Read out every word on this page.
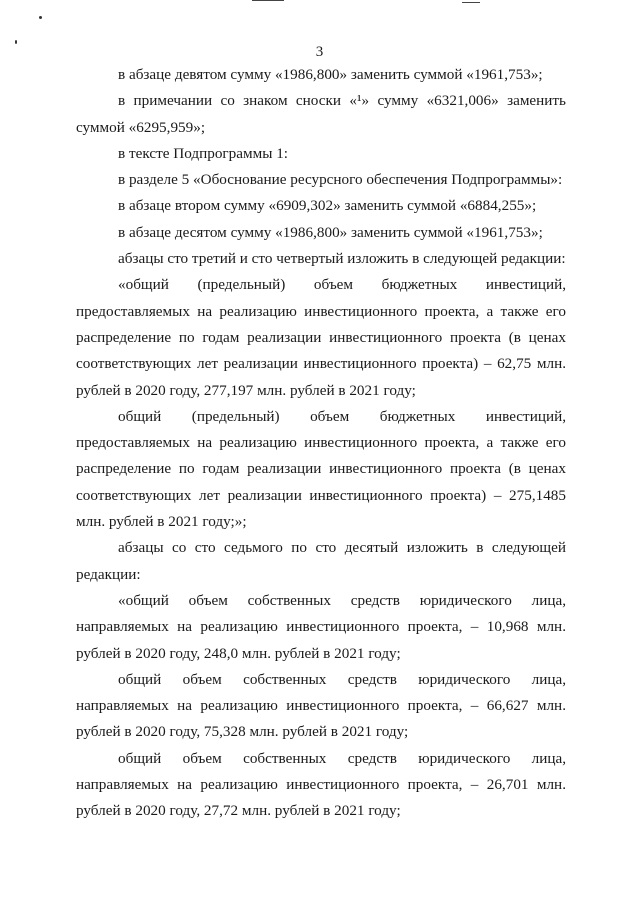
3

в абзаце девятом сумму «1986,800» заменить суммой «1961,753»;

в примечании со знаком сноски «¹» сумму «6321,006» заменить суммой «6295,959»;

в тексте Подпрограммы 1:

в разделе 5 «Обоснование ресурсного обеспечения Подпрограммы»:

в абзаце втором сумму «6909,302» заменить суммой «6884,255»;

в абзаце десятом сумму «1986,800» заменить суммой «1961,753»;

абзацы сто третий и сто четвертый изложить в следующей редакции:

«общий (предельный) объем бюджетных инвестиций, предоставляемых на реализацию инвестиционного проекта, а также его распределение по годам реализации инвестиционного проекта (в ценах соответствующих лет реализации инвестиционного проекта) – 62,75 млн. рублей в 2020 году, 277,197 млн. рублей в 2021 году;

общий (предельный) объем бюджетных инвестиций, предоставляемых на реализацию инвестиционного проекта, а также его распределение по годам реализации инвестиционного проекта (в ценах соответствующих лет реализации инвестиционного проекта) – 275,1485 млн. рублей в 2021 году;»;

абзацы со сто седьмого по сто десятый изложить в следующей редакции:

«общий объем собственных средств юридического лица, направляемых на реализацию инвестиционного проекта, – 10,968 млн. рублей в 2020 году, 248,0 млн. рублей в 2021 году;

общий объем собственных средств юридического лица, направляемых на реализацию инвестиционного проекта, – 66,627 млн. рублей в 2020 году, 75,328 млн. рублей в 2021 году;

общий объем собственных средств юридического лица, направляемых на реализацию инвестиционного проекта, – 26,701 млн. рублей в 2020 году, 27,72 млн. рублей в 2021 году;
